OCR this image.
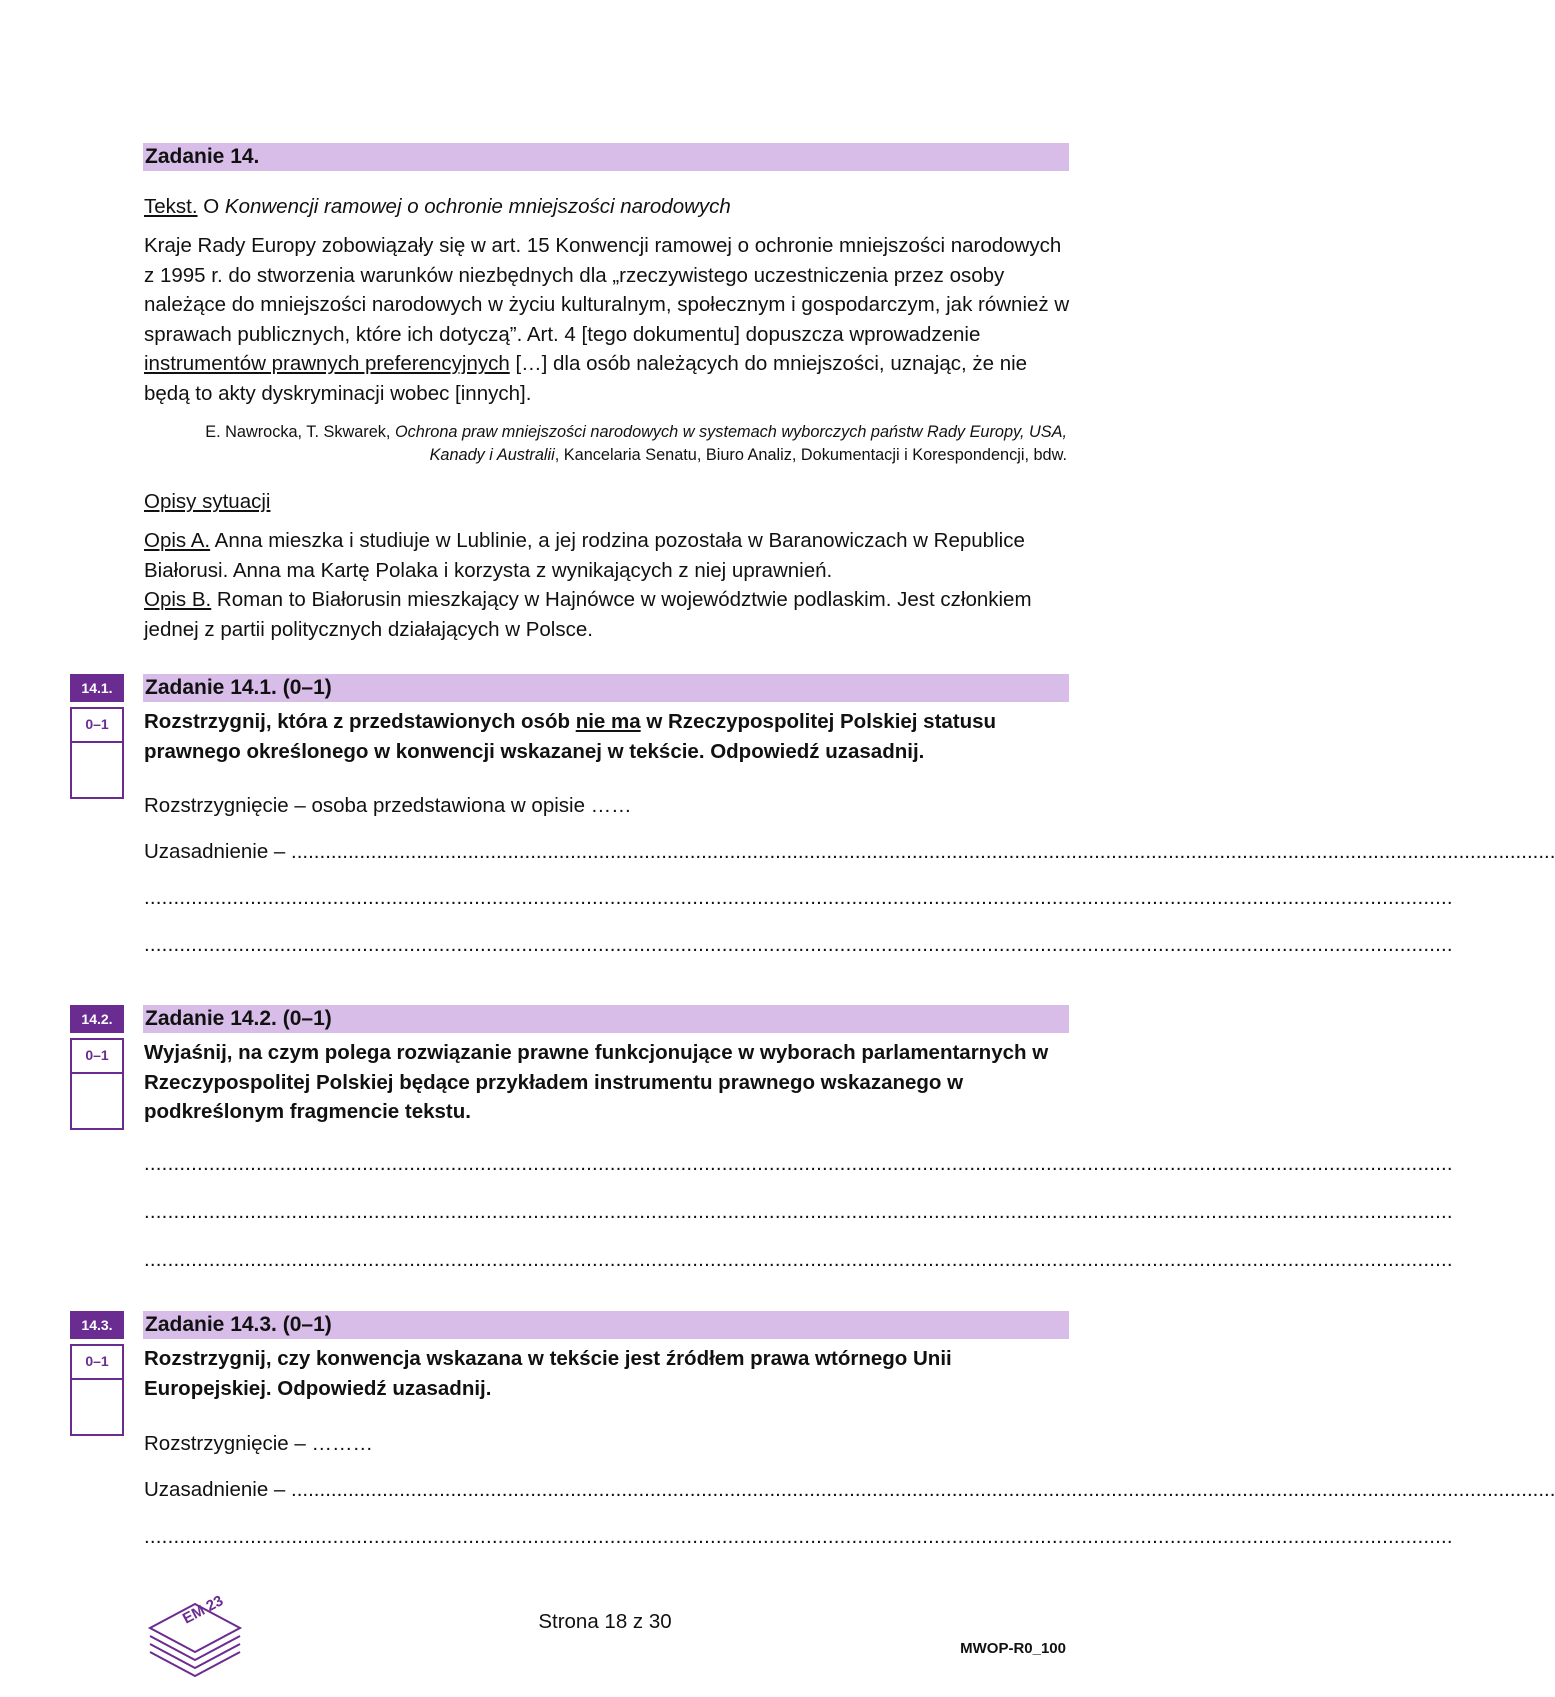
Zadanie 14.
Tekst. O Konwencji ramowej o ochronie mniejszości narodowych
Kraje Rady Europy zobowiązały się w art. 15 Konwencji ramowej o ochronie mniejszości narodowych z 1995 r. do stworzenia warunków niezbędnych dla „rzeczywistego uczestniczenia przez osoby należące do mniejszości narodowych w życiu kulturalnym, społecznym i gospodarczym, jak również w sprawach publicznych, które ich dotyczą”. Art. 4 [tego dokumentu] dopuszcza wprowadzenie instrumentów prawnych preferencyjnych […] dla osób należących do mniejszości, uznając, że nie będą to akty dyskryminacji wobec [innych].
E. Nawrocka, T. Skwarek, Ochrona praw mniejszości narodowych w systemach wyborczych państw Rady Europy, USA, Kanady i Australii, Kancelaria Senatu, Biuro Analiz, Dokumentacji i Korespondencji, bdw.
Opisy sytuacji
Opis A. Anna mieszka i studiuje w Lublinie, a jej rodzina pozostała w Baranowiczach w Republice Białorusi. Anna ma Kartę Polaka i korzysta z wynikających z niej uprawnień.
Opis B. Roman to Białorusin mieszkający w Hajnówce w województwie podlaskim. Jest członkiem jednej z partii politycznych działających w Polsce.
14.1.
0–1
Zadanie 14.1. (0–1)
Rozstrzygnij, która z przedstawionych osób nie ma w Rzeczypospolitej Polskiej statusu prawnego określonego w konwencji wskazanej w tekście. Odpowiedź uzasadnij.
Rozstrzygnięcie – osoba przedstawiona w opisie ……
Uzasadnienie – ..............................................................................................................................................................................................................................
..............................................................................................................................................................................................................................
..............................................................................................................................................................................................................................
14.2.
0–1
Zadanie 14.2. (0–1)
Wyjaśnij, na czym polega rozwiązanie prawne funkcjonujące w wyborach parlamentarnych w Rzeczypospolitej Polskiej będące przykładem instrumentu prawnego wskazanego w podkreślonym fragmencie tekstu.
..............................................................................................................................................................................................................................
..............................................................................................................................................................................................................................
..............................................................................................................................................................................................................................
14.3.
0–1
Zadanie 14.3. (0–1)
Rozstrzygnij, czy konwencja wskazana w tekście jest źródłem prawa wtórnego Unii Europejskiej. Odpowiedź uzasadnij.
Rozstrzygnięcie – ………
Uzasadnienie – ..............................................................................................................................................................................................................................
..............................................................................................................................................................................................................................
EM 23	Strona 18 z 30
MWOP-R0_100
